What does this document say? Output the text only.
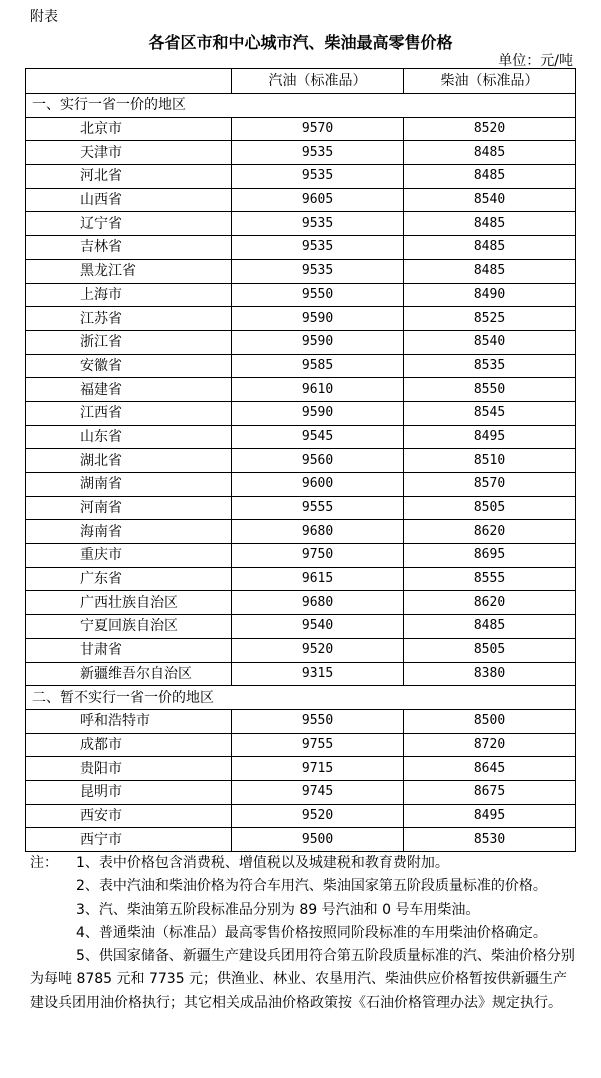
附表
各省区市和中心城市汽、柴油最高零售价格
单位：元/吨
	汽油（标准品）	柴油（标准品）
一、实行一省一价的地区		
北京市	9570	8520
天津市	9535	8485
河北省	9535	8485
山西省	9605	8540
辽宁省	9535	8485
吉林省	9535	8485
黑龙江省	9535	8485
上海市	9550	8490
江苏省	9590	8525
浙江省	9590	8540
安徽省	9585	8535
福建省	9610	8550
江西省	9590	8545
山东省	9545	8495
湖北省	9560	8510
湖南省	9600	8570
河南省	9555	8505
海南省	9680	8620
重庆市	9750	8695
广东省	9615	8555
广西壮族自治区	9680	8620
宁夏回族自治区	9540	8485
甘肃省	9520	8505
新疆维吾尔自治区	9315	8380
二、暂不实行一省一价的地区		
呼和浩特市	9550	8500
成都市	9755	8720
贵阳市	9715	8645
昆明市	9745	8675
西安市	9520	8495
西宁市	9500	8530

注：	1、表中价格包含消费税、增值税以及城建税和教育费附加。

2、表中汽油和柴油价格为符合车用汽、柴油国家第五阶段质量标准的价格。

3、汽、柴油第五阶段标准品分别为 89 号汽油和 0 号车用柴油。

4、普通柴油（标准品）最高零售价格按照同阶段标准的车用柴油价格确定。

5、供国家储备、新疆生产建设兵团用符合第五阶段质量标准的汽、柴油价格分别为每吨 8785 元和 7735 元；供渔业、林业、农垦用汽、柴油供应价格暂按供新疆生产建设兵团用油价格执行；其它相关成品油价格政策按《石油价格管理办法》规定执行。
